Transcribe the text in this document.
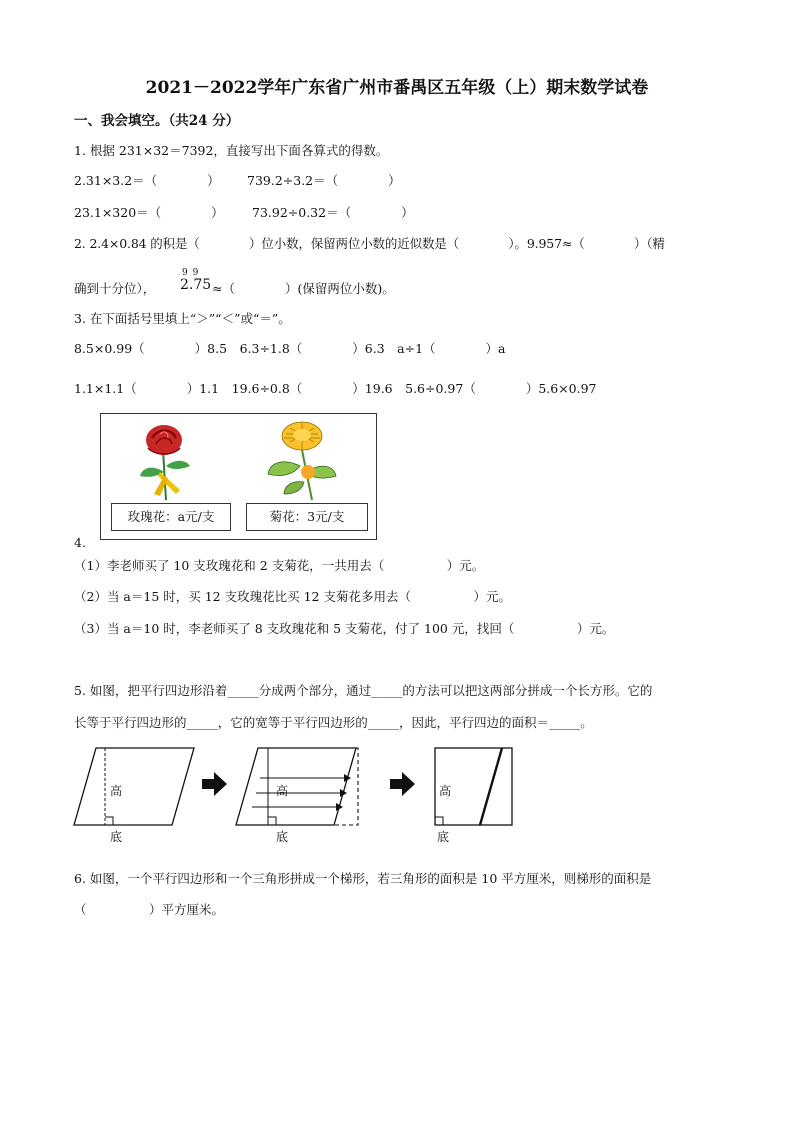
2021－2022学年广东省广州市番禺区五年级（上）期末数学试卷
一、我会填空。（共24 分）
1. 根据 231×32＝7392，直接写出下面各算式的得数。
2.31×3.2＝（　　　　） 739.2÷3.2＝（　　　　）
23.1×320＝（　　　　） 73.92÷0.32＝（　　　　）
2. 2.4×0.84 的积是（　　　　）位小数，保留两位小数的近似数是（　　　　）。9.957≈（　　　　）（精
确到十分位），
9 9
2.75 ≈（　　　　）(保留两位小数)。
3. 在下面括号里填上“＞”“＜”或“＝”。
8.5×0.99（　　　　）8.5　6.3÷1.8（　　　　）6.3　a÷1（　　　　）a
1.1×1.1（　　　　）1.1　19.6÷0.8（　　　　）19.6　5.6÷0.97（　　　　）5.6×0.97
玫瑰花：a元/支	菊花：3元/支
4.
（1）李老师买了 10 支玫瑰花和 2 支菊花，一共用去（　　　　　）元。
（2）当 a＝15 时，买 12 支玫瑰花比买 12 支菊花多用去（　　　　　）元。
（3）当 a＝10 时，李老师买了 8 支玫瑰花和 5 支菊花，付了 100 元，找回（　　　　　）元。
5. 如图，把平行四边形沿着_____分成两个部分，通过_____的方法可以把这两部分拼成一个长方形。它的
长等于平行四边形的_____，它的宽等于平行四边形的_____，因此，平行四边的面积＝_____。
高
底
高
底
高
底
6. 如图，一个平行四边形和一个三角形拼成一个梯形，若三角形的面积是 10 平方厘米，则梯形的面积是
（　　　　　）平方厘米。
